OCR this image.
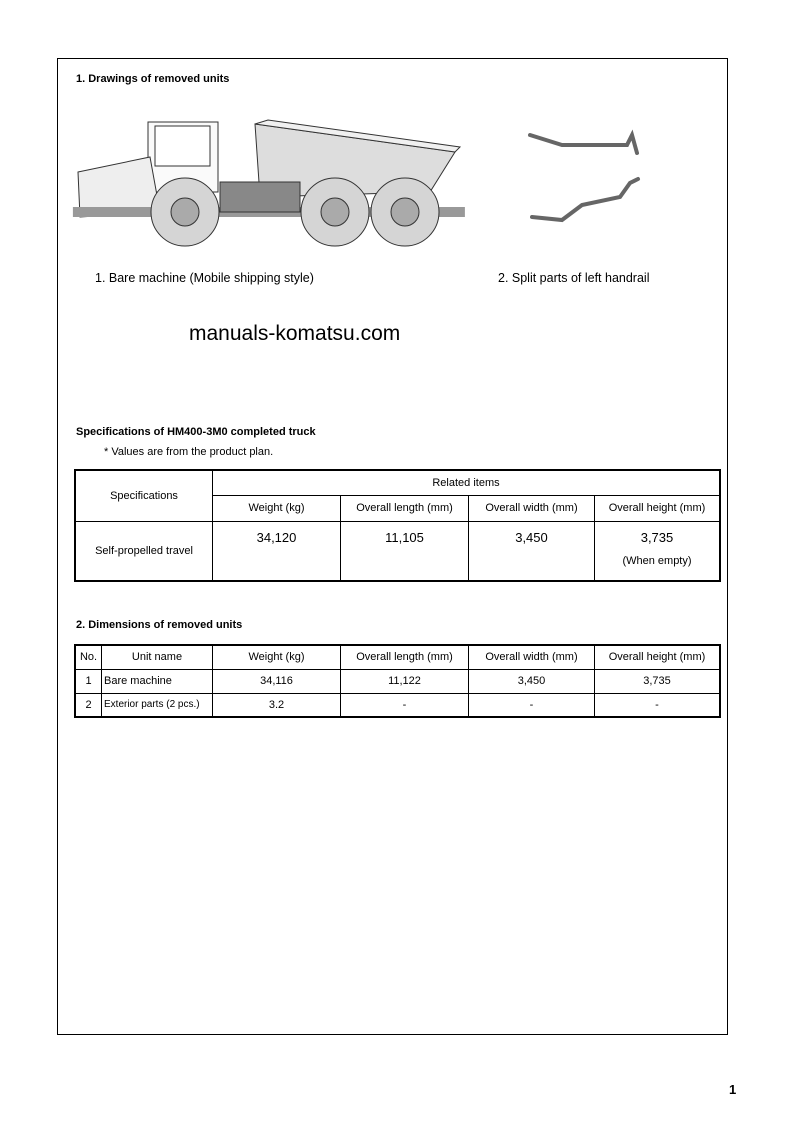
1. Drawings of removed units
1. Bare machine (Mobile shipping style)	2. Split parts of left handrail
manuals-komatsu.com
Specifications of HM400-3M0 completed truck
* Values are from the product plan.
Specifications	Related items			
	Weight (kg)	Overall length (mm)	Overall width (mm)	Overall height (mm)
Self-propelled travel	34,120	11,105	3,450	3,735
(When empty)
2. Dimensions of removed units
No.	Unit name	Weight (kg)	Overall length (mm)	Overall width (mm)	Overall height (mm)
1	Bare machine	34,116	11,122	3,450	3,735
2	Exterior parts (2 pcs.)	3.2	-	-	-
1
